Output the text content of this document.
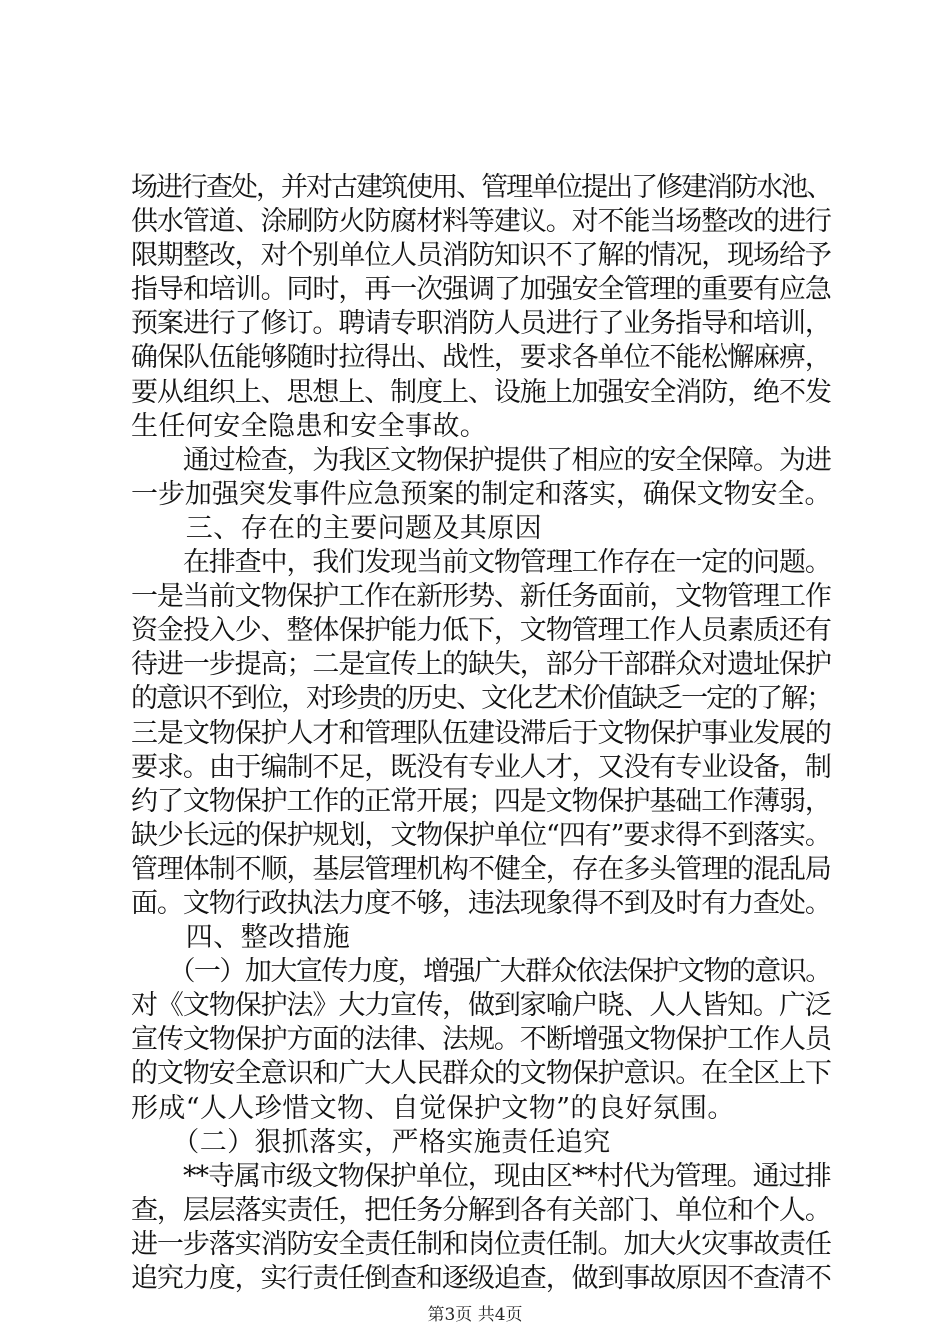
场进行查处，并对古建筑使用、管理单位提出了修建消防水池、
供水管道、涂刷防火防腐材料等建议。对不能当场整改的进行
限期整改，对个别单位人员消防知识不了解的情况，现场给予
指导和培训。同时，再一次强调了加强安全管理的重要有应急
预案进行了修订。聘请专职消防人员进行了业务指导和培训，
确保队伍能够随时拉得出、战性，要求各单位不能松懈麻痹，
要从组织上、思想上、制度上、设施上加强安全消防，绝不发
生任何安全隐患和安全事故。
　　通过检查，为我区文物保护提供了相应的安全保障。为进
一步加强突发事件应急预案的制定和落实，确保文物安全。
　　三、存在的主要问题及其原因
　　在排查中，我们发现当前文物管理工作存在一定的问题。
一是当前文物保护工作在新形势、新任务面前，文物管理工作
资金投入少、整体保护能力低下，文物管理工作人员素质还有
待进一步提高；二是宣传上的缺失，部分干部群众对遗址保护
的意识不到位，对珍贵的历史、文化艺术价值缺乏一定的了解；
三是文物保护人才和管理队伍建设滞后于文物保护事业发展的
要求。由于编制不足，既没有专业人才，又没有专业设备，制
约了文物保护工作的正常开展；四是文物保护基础工作薄弱，
缺少长远的保护规划，文物保护单位“四有”要求得不到落实。
管理体制不顺，基层管理机构不健全，存在多头管理的混乱局
面。文物行政执法力度不够，违法现象得不到及时有力查处。
　　四、整改措施
　　（一）加大宣传力度，增强广大群众依法保护文物的意识。
对《文物保护法》大力宣传，做到家喻户晓、人人皆知。广泛
宣传文物保护方面的法律、法规。不断增强文物保护工作人员
的文物安全意识和广大人民群众的文物保护意识。在全区上下
形成“人人珍惜文物、自觉保护文物”的良好氛围。
　　（二）狠抓落实，严格实施责任追究
　　**寺属市级文物保护单位，现由区**村代为管理。通过排
查，层层落实责任，把任务分解到各有关部门、单位和个人。
进一步落实消防安全责任制和岗位责任制。加大火灾事故责任
追究力度，实行责任倒查和逐级追查，做到事故原因不查清不
第3页 共4页
